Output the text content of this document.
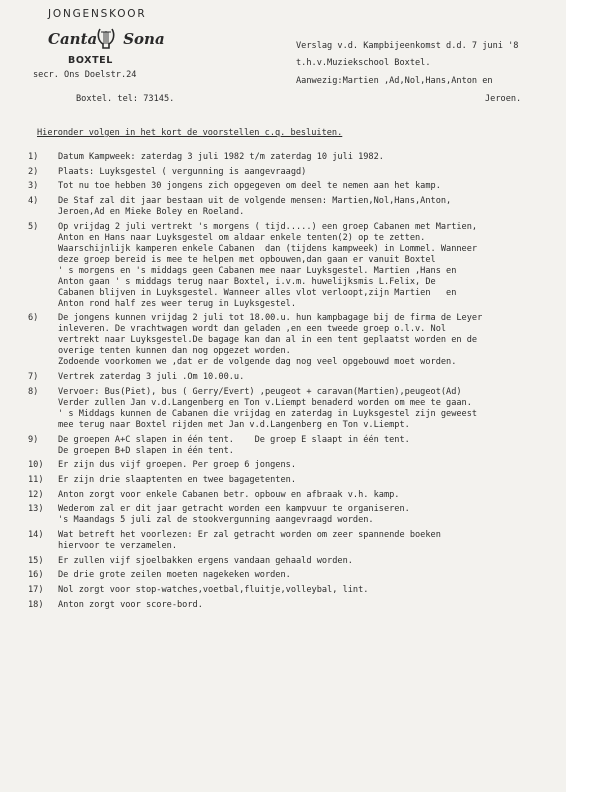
JONGENSKOOR
Canta Sona
BOXTEL
secr. Ons Doelstr.24
Boxtel. tel: 73145.
Verslag v.d. Kampbijeenkomst d.d. 7 juni '8
t.h.v.Muziekschool Boxtel.
Aanwezig:Martien ,Ad,Nol,Hans,Anton en
Jeroen.
Hieronder volgen in het kort de voorstellen c.q. besluiten.
1)	Datum Kampweek: zaterdag 3 juli 1982 t/m zaterdag 10 juli 1982.
2)	Plaats: Luyksgestel ( vergunning is aangevraagd)
3)	Tot nu toe hebben 30 jongens zich opgegeven om deel te nemen aan het kamp.
4)	De Staf zal dit jaar bestaan uit de volgende mensen: Martien,Nol,Hans,Anton,
Jeroen,Ad en Mieke Boley en Roeland.
5)	Op vrijdag 2 juli vertrekt 's morgens ( tijd.....) een groep Cabanen met Martien,
Anton en Hans naar Luyksgestel om aldaar enkele tenten(2) op te zetten.
Waarschijnlijk kamperen enkele Cabanen  dan (tijdens kampweek) in Lommel. Wanneer
deze groep bereid is mee te helpen met opbouwen,dan gaan er vanuit Boxtel
' s morgens en 's middags geen Cabanen mee naar Luyksgestel. Martien ,Hans en
Anton gaan ' s middags terug naar Boxtel, i.v.m. huwelijksmis L.Felix, De
Cabanen blijven in Luyksgestel. Wanneer alles vlot verloopt,zijn Martien   en
Anton rond half zes weer terug in Luyksgestel.
6)	De jongens kunnen vrijdag 2 juli tot 18.00.u. hun kampbagage bij de firma de Leyer
inleveren. De vrachtwagen wordt dan geladen ,en een tweede groep o.l.v. Nol
vertrekt naar Luyksgestel.De bagage kan dan al in een tent geplaatst worden en de
overige tenten kunnen dan nog opgezet worden.
Zodoende voorkomen we ,dat er de volgende dag nog veel opgebouwd moet worden.
7)	Vertrek zaterdag 3 juli .Om 10.00.u.
8)	Vervoer: Bus(Piet), bus ( Gerry/Evert) ,peugeot + caravan(Martien),peugeot(Ad)
Verder zullen Jan v.d.Langenberg en Ton v.Liempt benaderd worden om mee te gaan.
' s Middags kunnen de Cabanen die vrijdag en zaterdag in Luyksgestel zijn geweest
mee terug naar Boxtel rijden met Jan v.d.Langenberg en Ton v.Liempt.
9)	De groepen A+C slapen in één tent.    De groep E slaapt in één tent.
De groepen B+D slapen in één tent.
10)	Er zijn dus vijf groepen. Per groep 6 jongens.
11)	Er zijn drie slaaptenten en twee bagagetenten.
12)	Anton zorgt voor enkele Cabanen betr. opbouw en afbraak v.h. kamp.
13)	Wederom zal er dit jaar getracht worden een kampvuur te organiseren.
's Maandags 5 juli zal de stookvergunning aangevraagd worden.
14)	Wat betreft het voorlezen: Er zal getracht worden om zeer spannende boeken
hiervoor te verzamelen.
15)	Er zullen vijf sjoelbakken ergens vandaan gehaald worden.
16)	De drie grote zeilen moeten nagekeken worden.
17)	Nol zorgt voor stop-watches,voetbal,fluitje,volleybal, lint.
18)	Anton zorgt voor score-bord.
